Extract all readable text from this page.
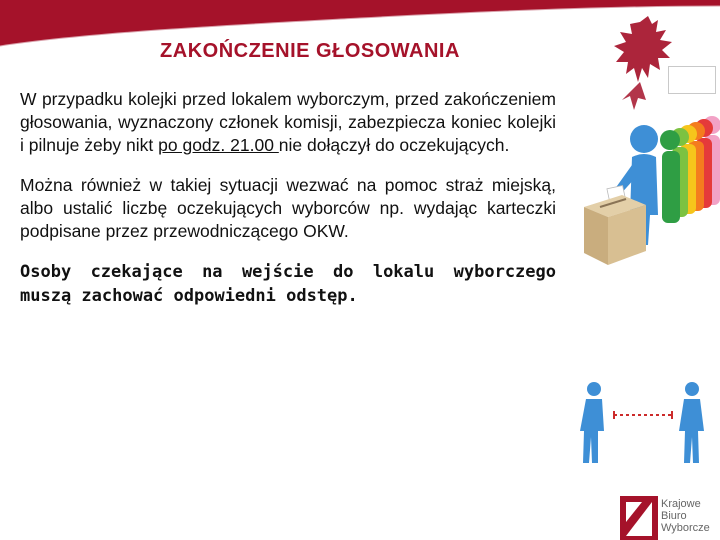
ZAKOŃCZENIE GŁOSOWANIA

W przypadku kolejki przed lokalem wyborczym, przed zakończeniem głosowania, wyznaczony członek komisji, zabezpiecza koniec kolejki i pilnuje żeby nikt po godz. 21.00 nie dołączył do oczekujących.

Można również w takiej sytuacji wezwać na pomoc straż miejską, albo ustalić liczbę oczekujących wyborców np. wydając karteczki podpisane przez przewodniczącego OKW.

Osoby czekające na wejście do lokalu wyborczego muszą zachować odpowiedni odstęp.

Krajowe
Biuro
Wyborcze
